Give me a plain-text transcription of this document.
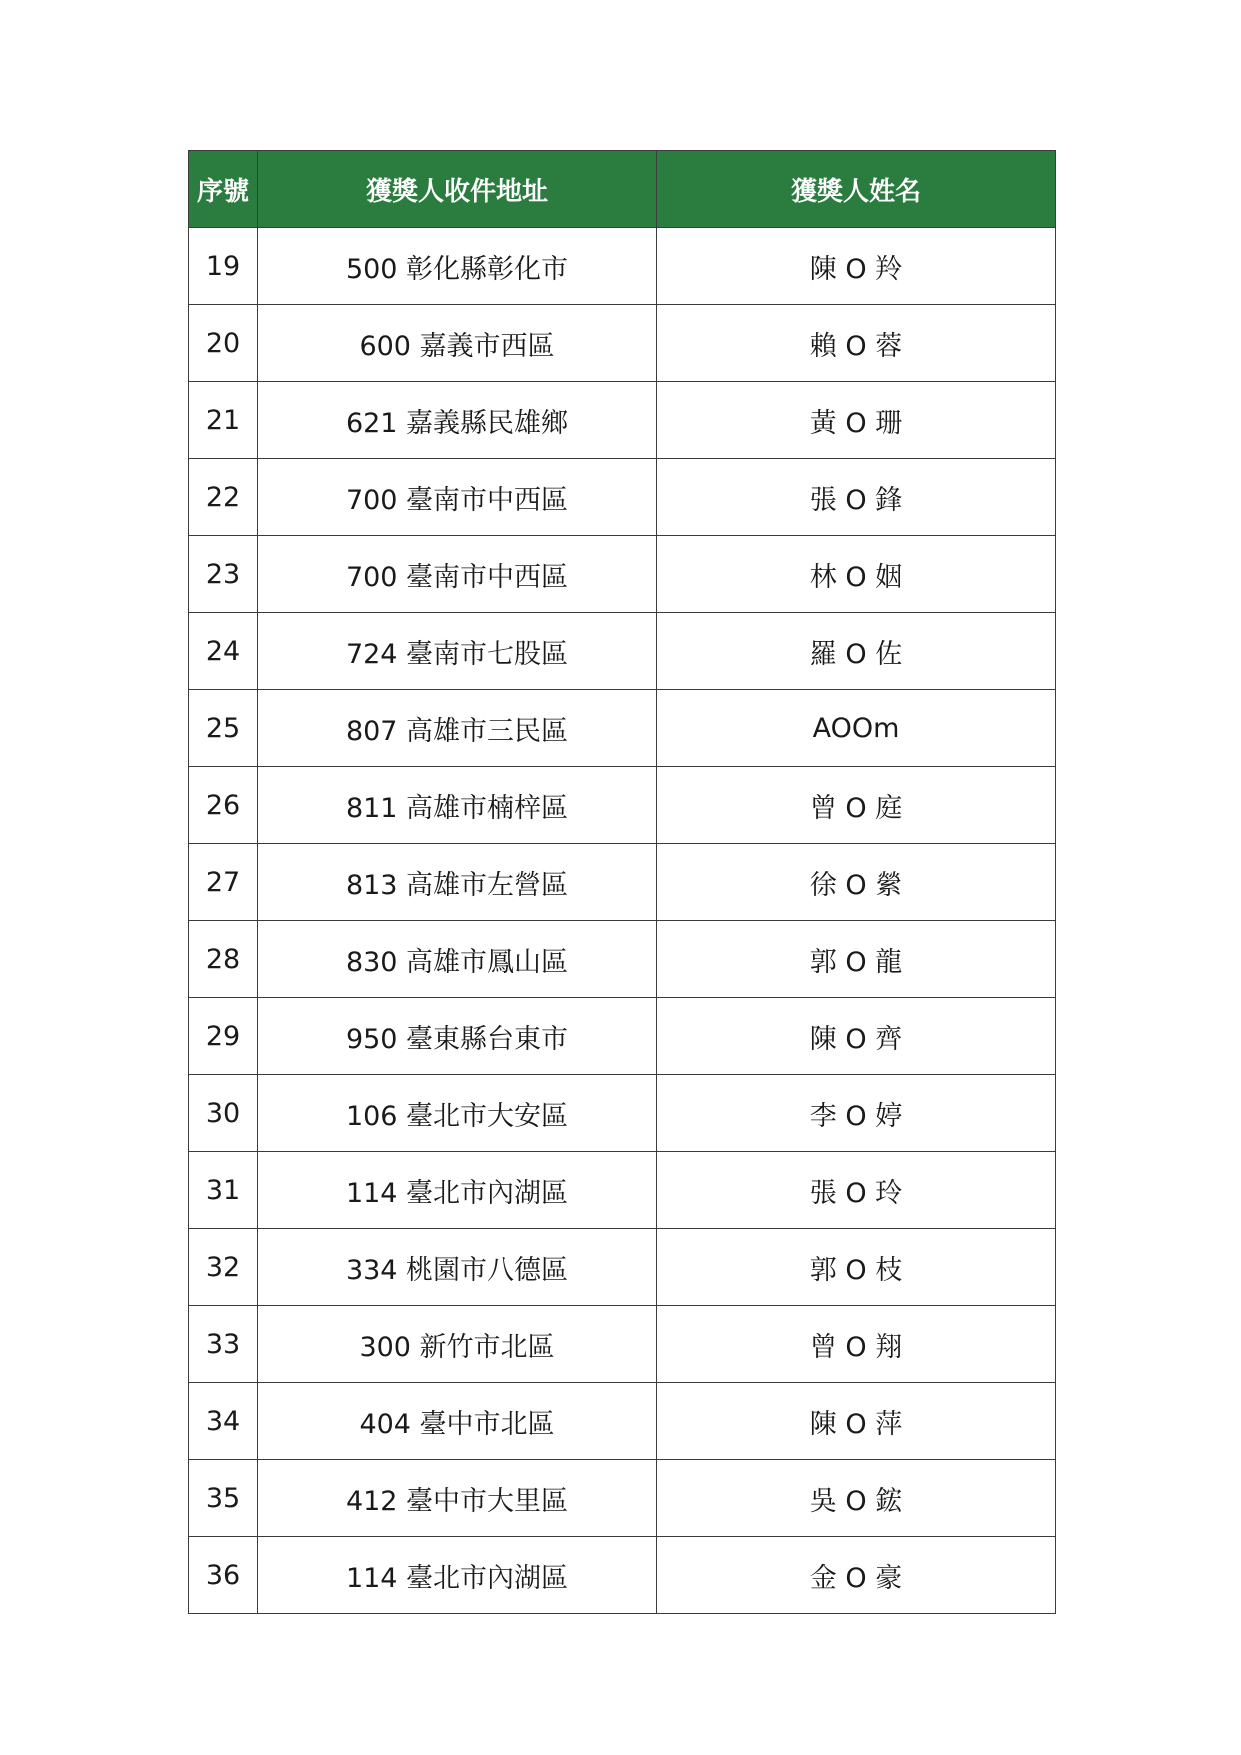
序號	獲獎人收件地址	獲獎人姓名
19	500 彰化縣彰化市	陳 O 羚
20	600 嘉義市西區	賴 O 蓉
21	621 嘉義縣民雄鄉	黃 O 珊
22	700 臺南市中西區	張 O 鋒
23	700 臺南市中西區	林 O 姻
24	724 臺南市七股區	羅 O 佐
25	807 高雄市三民區	AOOm
26	811 高雄市楠梓區	曾 O 庭
27	813 高雄市左營區	徐 O 縈
28	830 高雄市鳳山區	郭 O 龍
29	950 臺東縣台東市	陳 O 齊
30	106 臺北市大安區	李 O 婷
31	114 臺北市內湖區	張 O 玲
32	334 桃園市八德區	郭 O 枝
33	300 新竹市北區	曾 O 翔
34	404 臺中市北區	陳 O 萍
35	412 臺中市大里區	吳 O 鋐
36	114 臺北市內湖區	金 O 豪
